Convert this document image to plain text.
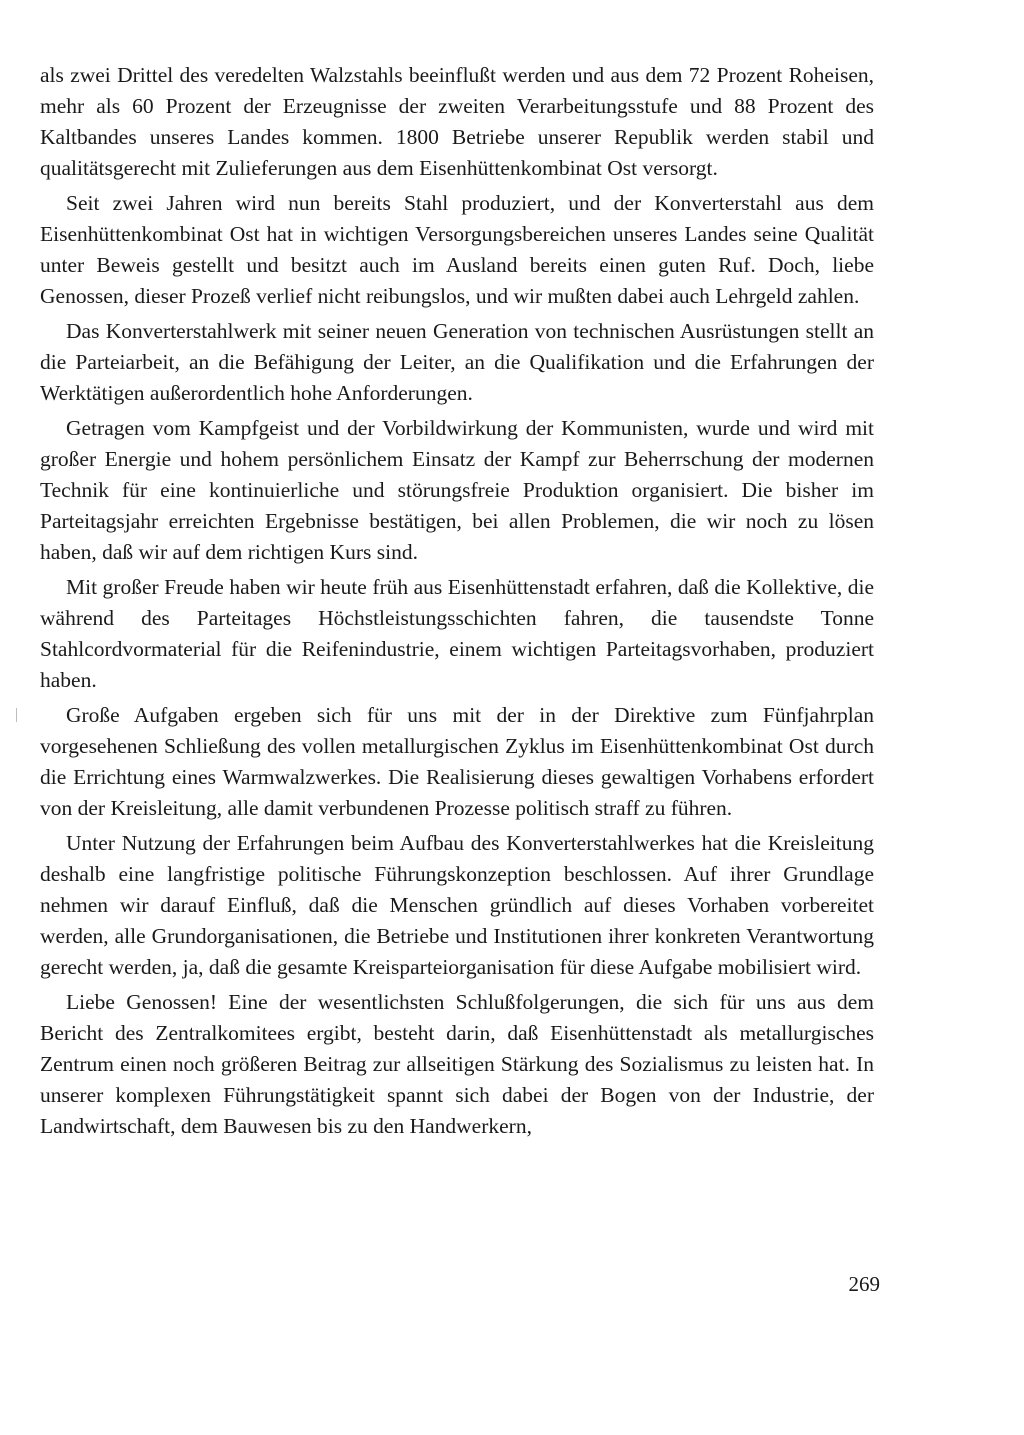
als zwei Drittel des veredelten Walzstahls beeinflußt werden und aus dem 72 Prozent Roheisen, mehr als 60 Prozent der Erzeugnisse der zweiten Verarbeitungsstufe und 88 Prozent des Kaltbandes unseres Landes kommen. 1800 Betriebe unserer Republik werden stabil und qualitätsgerecht mit Zulieferungen aus dem Eisenhüttenkombinat Ost versorgt.

Seit zwei Jahren wird nun bereits Stahl produziert, und der Konverterstahl aus dem Eisenhüttenkombinat Ost hat in wichtigen Versorgungsbereichen unseres Landes seine Qualität unter Beweis gestellt und besitzt auch im Ausland bereits einen guten Ruf. Doch, liebe Genossen, dieser Prozeß verlief nicht reibungslos, und wir mußten dabei auch Lehrgeld zahlen.

Das Konverterstahlwerk mit seiner neuen Generation von technischen Ausrüstungen stellt an die Parteiarbeit, an die Befähigung der Leiter, an die Qualifikation und die Erfahrungen der Werktätigen außerordentlich hohe Anforderungen.

Getragen vom Kampfgeist und der Vorbildwirkung der Kommunisten, wurde und wird mit großer Energie und hohem persönlichem Einsatz der Kampf zur Beherrschung der modernen Technik für eine kontinuierliche und störungsfreie Produktion organisiert. Die bisher im Parteitagsjahr erreichten Ergebnisse bestätigen, bei allen Problemen, die wir noch zu lösen haben, daß wir auf dem richtigen Kurs sind.

Mit großer Freude haben wir heute früh aus Eisenhüttenstadt erfahren, daß die Kollektive, die während des Parteitages Höchstleistungsschichten fahren, die tausendste Tonne Stahlcordvormaterial für die Reifenindustrie, einem wichtigen Parteitagsvorhaben, produziert haben.

Große Aufgaben ergeben sich für uns mit der in der Direktive zum Fünfjahrplan vorgesehenen Schließung des vollen metallurgischen Zyklus im Eisenhüttenkombinat Ost durch die Errichtung eines Warmwalzwerkes. Die Realisierung dieses gewaltigen Vorhabens erfordert von der Kreisleitung, alle damit verbundenen Prozesse politisch straff zu führen.

Unter Nutzung der Erfahrungen beim Aufbau des Konverterstahlwerkes hat die Kreisleitung deshalb eine langfristige politische Führungskonzeption beschlossen. Auf ihrer Grundlage nehmen wir darauf Einfluß, daß die Menschen gründlich auf dieses Vorhaben vorbereitet werden, alle Grundorganisationen, die Betriebe und Institutionen ihrer konkreten Verantwortung gerecht werden, ja, daß die gesamte Kreisparteiorganisation für diese Aufgabe mobilisiert wird.

Liebe Genossen! Eine der wesentlichsten Schlußfolgerungen, die sich für uns aus dem Bericht des Zentralkomitees ergibt, besteht darin, daß Eisenhüttenstadt als metallurgisches Zentrum einen noch größeren Beitrag zur allseitigen Stärkung des Sozialismus zu leisten hat. In unserer komplexen Führungstätigkeit spannt sich dabei der Bogen von der Industrie, der Landwirtschaft, dem Bauwesen bis zu den Handwerkern,

269
